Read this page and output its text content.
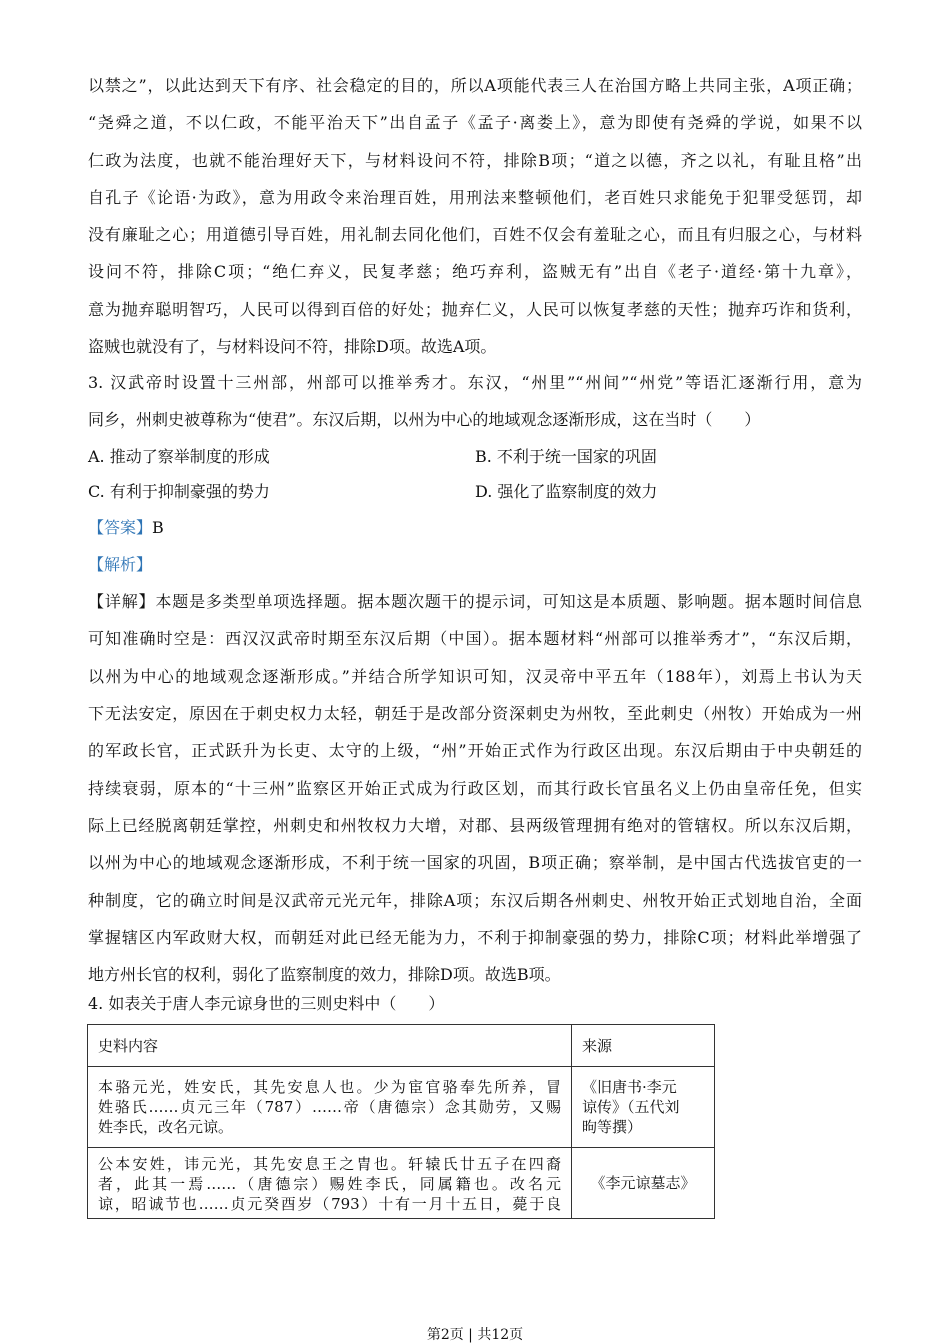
以禁之”，以此达到天下有序、社会稳定的目的，所以A项能代表三人在治国方略上共同主张，A项正确；
“尧舜之道，不以仁政，不能平治天下”出自孟子《孟子·离娄上》，意为即使有尧舜的学说，如果不以
仁政为法度，也就不能治理好天下，与材料设问不符，排除B项；“道之以德，齐之以礼，有耻且格”出
自孔子《论语·为政》，意为用政令来治理百姓，用刑法来整顿他们，老百姓只求能免于犯罪受惩罚，却
没有廉耻之心；用道德引导百姓，用礼制去同化他们，百姓不仅会有羞耻之心，而且有归服之心，与材料
设问不符，排除C项；“绝仁弃义，民复孝慈；绝巧弃利，盗贼无有”出自《老子·道经·第十九章》，
意为抛弃聪明智巧，人民可以得到百倍的好处；抛弃仁义，人民可以恢复孝慈的天性；抛弃巧诈和货利，
盗贼也就没有了，与材料设问不符，排除D项。故选A项。
3. 汉武帝时设置十三州部，州部可以推举秀才。东汉，“州里”“州间”“州党”等语汇逐渐行用，意为
同乡，州刺史被尊称为“使君”。东汉后期，以州为中心的地域观念逐渐形成，这在当时（　　）
A. 推动了察举制度的形成	B. 不利于统一国家的巩固
C. 有利于抑制豪强的势力	D. 强化了监察制度的效力
【答案】B
【解析】
【详解】本题是多类型单项选择题。据本题次题干的提示词，可知这是本质题、影响题。据本题时间信息
可知准确时空是：西汉汉武帝时期至东汉后期（中国）。据本题材料“州部可以推举秀才”，“东汉后期，
以州为中心的地域观念逐渐形成。”并结合所学知识可知，汉灵帝中平五年（188年），刘焉上书认为天
下无法安定，原因在于刺史权力太轻，朝廷于是改部分资深刺史为州牧，至此刺史（州牧）开始成为一州
的军政长官，正式跃升为长吏、太守的上级，“州”开始正式作为行政区出现。东汉后期由于中央朝廷的
持续衰弱，原本的“十三州”监察区开始正式成为行政区划，而其行政长官虽名义上仍由皇帝任免，但实
际上已经脱离朝廷掌控，州刺史和州牧权力大增，对郡、县两级管理拥有绝对的管辖权。所以东汉后期，
以州为中心的地域观念逐渐形成，不利于统一国家的巩固，B项正确；察举制，是中国古代选拔官吏的一
种制度，它的确立时间是汉武帝元光元年，排除A项；东汉后期各州刺史、州牧开始正式划地自治，全面
掌握辖区内军政财大权，而朝廷对此已经无能为力，不利于抑制豪强的势力，排除C项；材料此举增强了
地方州长官的权利，弱化了监察制度的效力，排除D项。故选B项。
4. 如表关于唐人李元谅身世的三则史料中（　　）
史料内容	来源

本骆元光，姓安氏，其先安息人也。少为宦官骆奉先所养，冒
姓骆氏……贞元三年（787）……帝（唐德宗）念其勋劳，又赐
姓李氏，改名元谅。	《旧唐书·李元
谅传》（五代刘
昫等撰）

公本安姓，讳元光，其先安息王之胄也。轩辕氏廿五子在四裔
者，此其一焉……（唐德宗）赐姓李氏，同属籍也。改名元
谅，昭诚节也……贞元癸酉岁（793）十有一月十五日，薨于良	《李元谅墓志》
第2页 | 共12页
